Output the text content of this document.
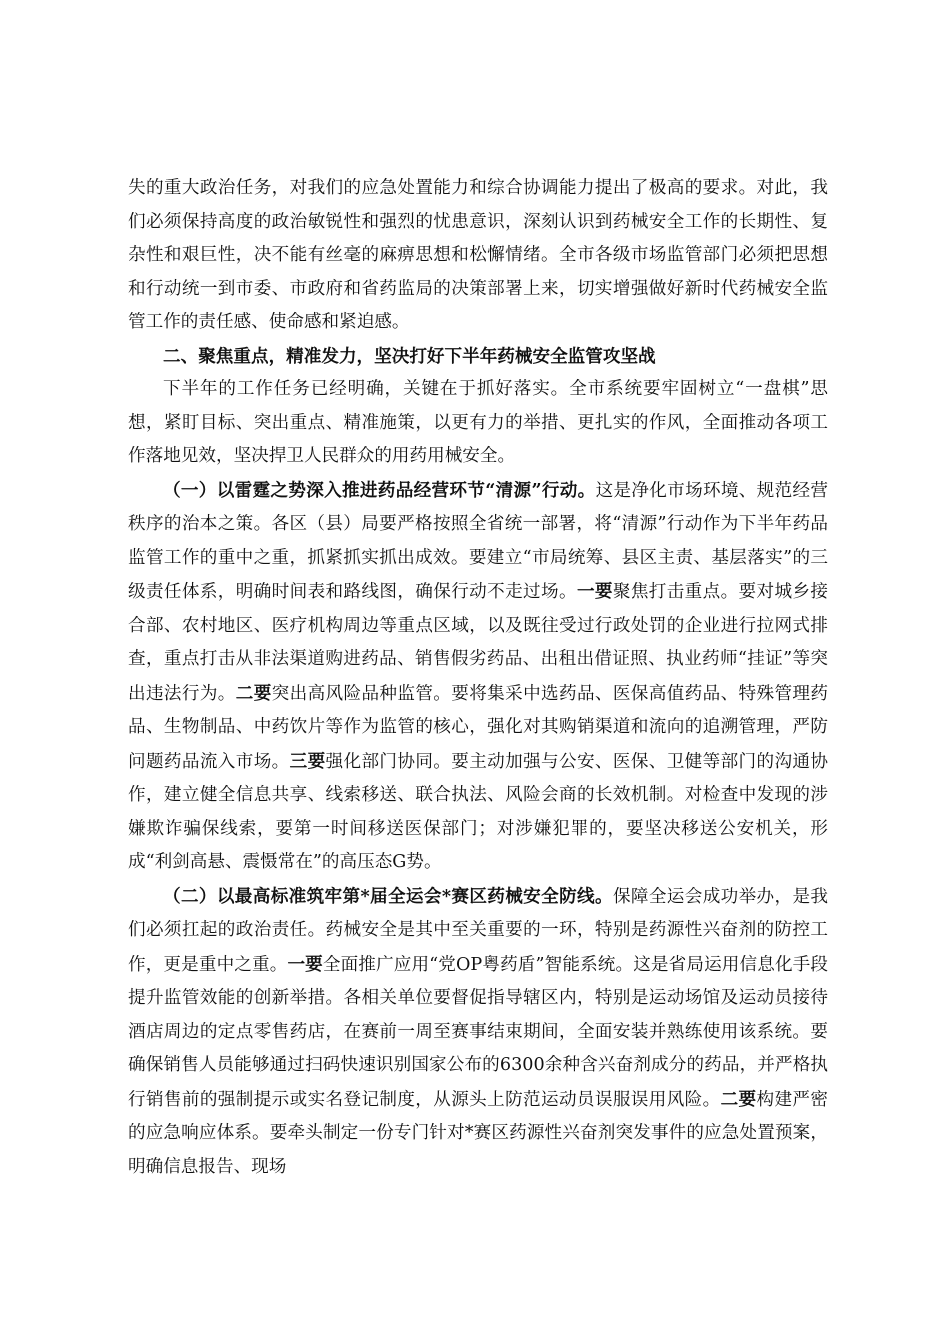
失的重大政治任务，对我们的应急处置能力和综合协调能力提出了极高的要求。对此，我们必须保持高度的政治敏锐性和强烈的忧患意识，深刻认识到药械安全工作的长期性、复杂性和艰巨性，决不能有丝毫的麻痹思想和松懈情绪。全市各级市场监管部门必须把思想和行动统一到市委、市政府和省药监局的决策部署上来，切实增强做好新时代药械安全监管工作的责任感、使命感和紧迫感。

二、聚焦重点，精准发力，坚决打好下半年药械安全监管攻坚战

下半年的工作任务已经明确，关键在于抓好落实。全市系统要牢固树立“一盘棋”思想，紧盯目标、突出重点、精准施策，以更有力的举措、更扎实的作风，全面推动各项工作落地见效，坚决捍卫人民群众的用药用械安全。

（一）以雷霆之势深入推进药品经营环节“清源”行动。这是净化市场环境、规范经营秩序的治本之策。各区（县）局要严格按照全省统一部署，将“清源”行动作为下半年药品监管工作的重中之重，抓紧抓实抓出成效。要建立“市局统筹、县区主责、基层落实”的三级责任体系，明确时间表和路线图，确保行动不走过场。一要聚焦打击重点。要对城乡接合部、农村地区、医疗机构周边等重点区域，以及既往受过行政处罚的企业进行拉网式排查，重点打击从非法渠道购进药品、销售假劣药品、出租出借证照、执业药师“挂证”等突出违法行为。二要突出高风险品种监管。要将集采中选药品、医保高值药品、特殊管理药品、生物制品、中药饮片等作为监管的核心，强化对其购销渠道和流向的追溯管理，严防问题药品流入市场。三要强化部门协同。要主动加强与公安、医保、卫健等部门的沟通协作，建立健全信息共享、线索移送、联合执法、风险会商的长效机制。对检查中发现的涉嫌欺诈骗保线索，要第一时间移送医保部门；对涉嫌犯罪的，要坚决移送公安机关，形成“利剑高悬、震慑常在”的高压态G势。

（二）以最高标准筑牢第*届全运会*赛区药械安全防线。保障全运会成功举办，是我们必须扛起的政治责任。药械安全是其中至关重要的一环，特别是药源性兴奋剂的防控工作，更是重中之重。一要全面推广应用“党OP粤药盾”智能系统。这是省局运用信息化手段提升监管效能的创新举措。各相关单位要督促指导辖区内，特别是运动场馆及运动员接待酒店周边的定点零售药店，在赛前一周至赛事结束期间，全面安装并熟练使用该系统。要确保销售人员能够通过扫码快速识别国家公布的6300余种含兴奋剂成分的药品，并严格执行销售前的强制提示或实名登记制度，从源头上防范运动员误服误用风险。二要构建严密的应急响应体系。要牵头制定一份专门针对*赛区药源性兴奋剂突发事件的应急处置预案，明确信息报告、现场
